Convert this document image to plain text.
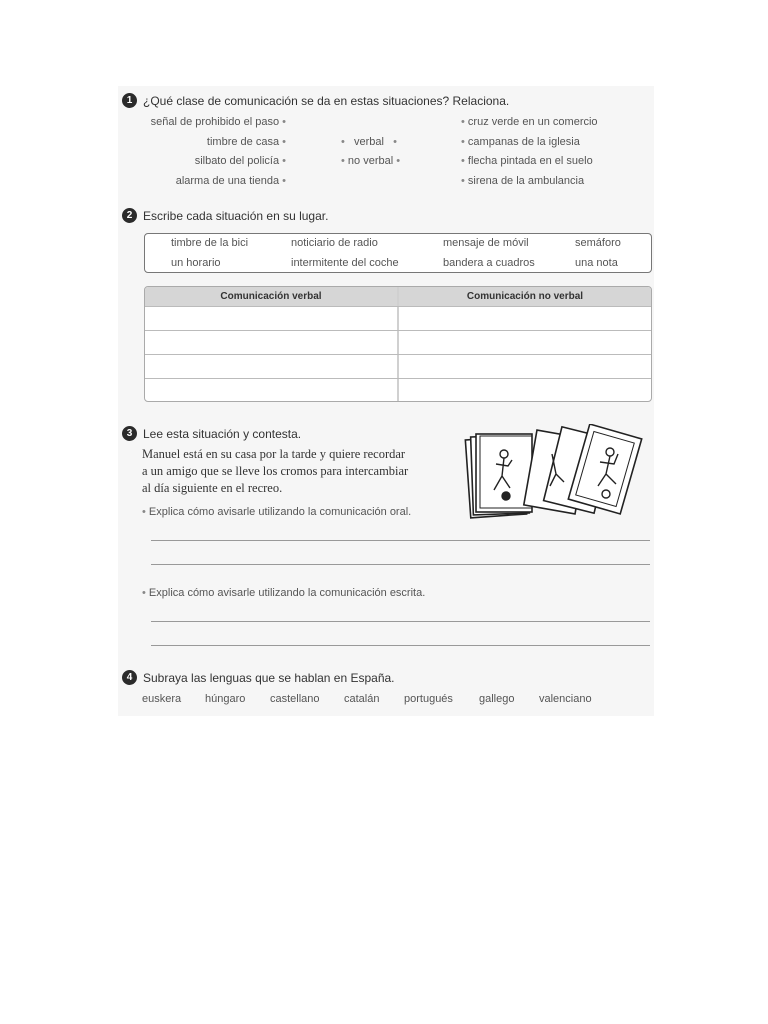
1 ¿Qué clase de comunicación se da en estas situaciones? Relaciona.
señal de prohibido el paso •
timbre de casa •
silbato del policía •
alarma de una tienda •
• verbal •
• no verbal •
• cruz verde en un comercio
• campanas de la iglesia
• flecha pintada en el suelo
• sirena de la ambulancia
2 Escribe cada situación en su lugar.
timbre de la bici	noticiario de radio	mensaje de móvil	semáforo
un horario	intermitente del coche	bandera a cuadros	una nota
Comunicación verbal	Comunicación no verbal
3 Lee esta situación y contesta.
Manuel está en su casa por la tarde y quiere recordar
a un amigo que se lleve los cromos para intercambiar
al día siguiente en el recreo.
• Explica cómo avisarle utilizando la comunicación oral.
• Explica cómo avisarle utilizando la comunicación escrita.
4 Subraya las lenguas que se hablan en España.
euskera húngaro castellano catalán portugués gallego valenciano
